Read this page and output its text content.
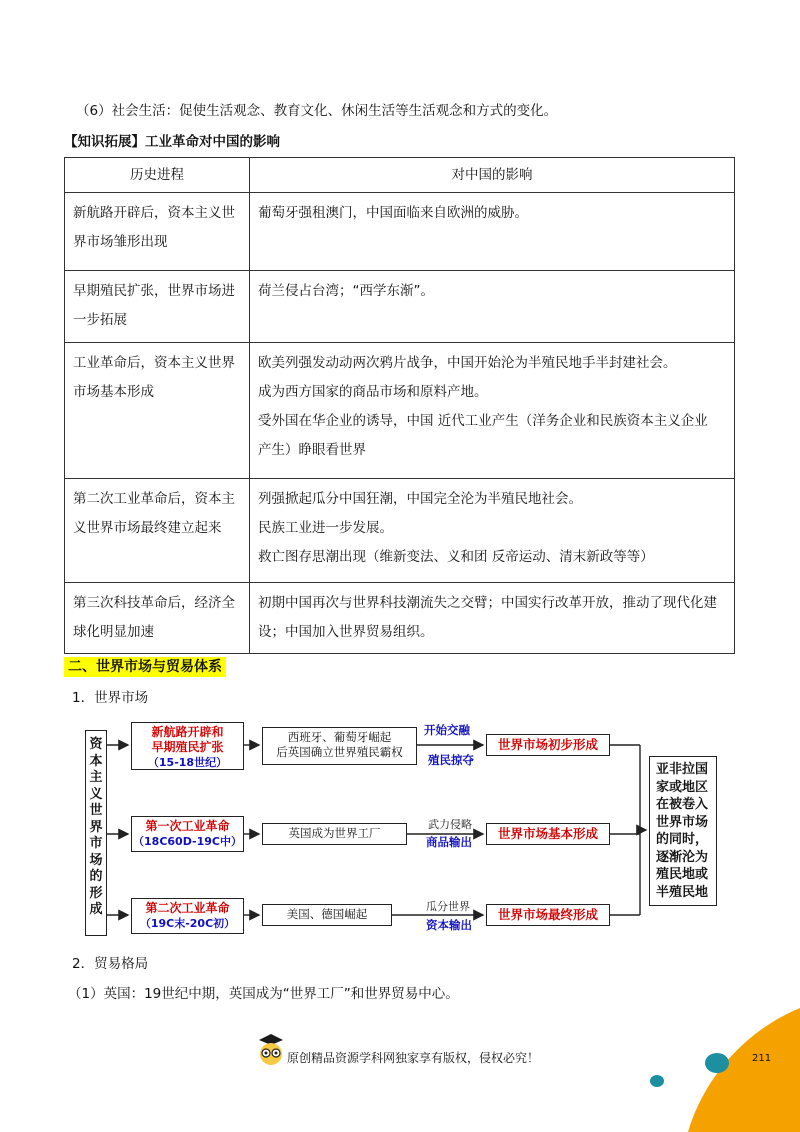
（6）社会生活：促使生活观念、教育文化、休闲生活等生活观念和方式的变化。
【知识拓展】工业革命对中国的影响
历史进程	对中国的影响

新航路开辟后，资本主义世
界市场雏形出现	葡萄牙强租澳门，中国面临来自欧洲的威胁。

早期殖民扩张，世界市场进
一步拓展	荷兰侵占台湾；“西学东渐”。

工业革命后，资本主义世界
市场基本形成	欧美列强发动动两次鸦片战争，中国开始沦为半殖民地手半封建社会。
成为西方国家的商品市场和原料产地。
受外国在华企业的诱导，中国 近代工业产生（洋务企业和民族资本主义企业
产生）睁眼看世界

第二次工业革命后，资本主
义世界市场最终建立起来	列强掀起瓜分中国狂潮，中国完全沦为半殖民地社会。
民族工业进一步发展。
救亡图存思潮出现（维新变法、义和团 反帝运动、清末新政等等）

第三次科技革命后，经济全
球化明显加速	初期中国再次与世界科技潮流失之交臂；中国实行改革开放，推动了现代化建
设；中国加入世界贸易组织。
二、世界市场与贸易体系
1．世界市场
资
本
主
义
世
界
市
场
的
形
成
新航路开辟和
早期殖民扩张
（15-18世纪）
西班牙、葡萄牙崛起
后英国确立世界殖民霸权
开始交融
殖民掠夺
世界市场初步形成
第一次工业革命
（18C60D-19C中）
英国成为世界工厂
武力侵略
商品输出
世界市场基本形成
第二次工业革命
（19C末-20C初）
美国、德国崛起
瓜分世界
资本输出
世界市场最终形成
亚非拉国
家或地区
在被卷入
世界市场
的同时，
逐渐沦为
殖民地或
半殖民地
2．贸易格局
（1）英国：19世纪中期，英国成为“世界工厂”和世界贸易中心。
原创精品资源学科网独家享有版权，侵权必究！	211
